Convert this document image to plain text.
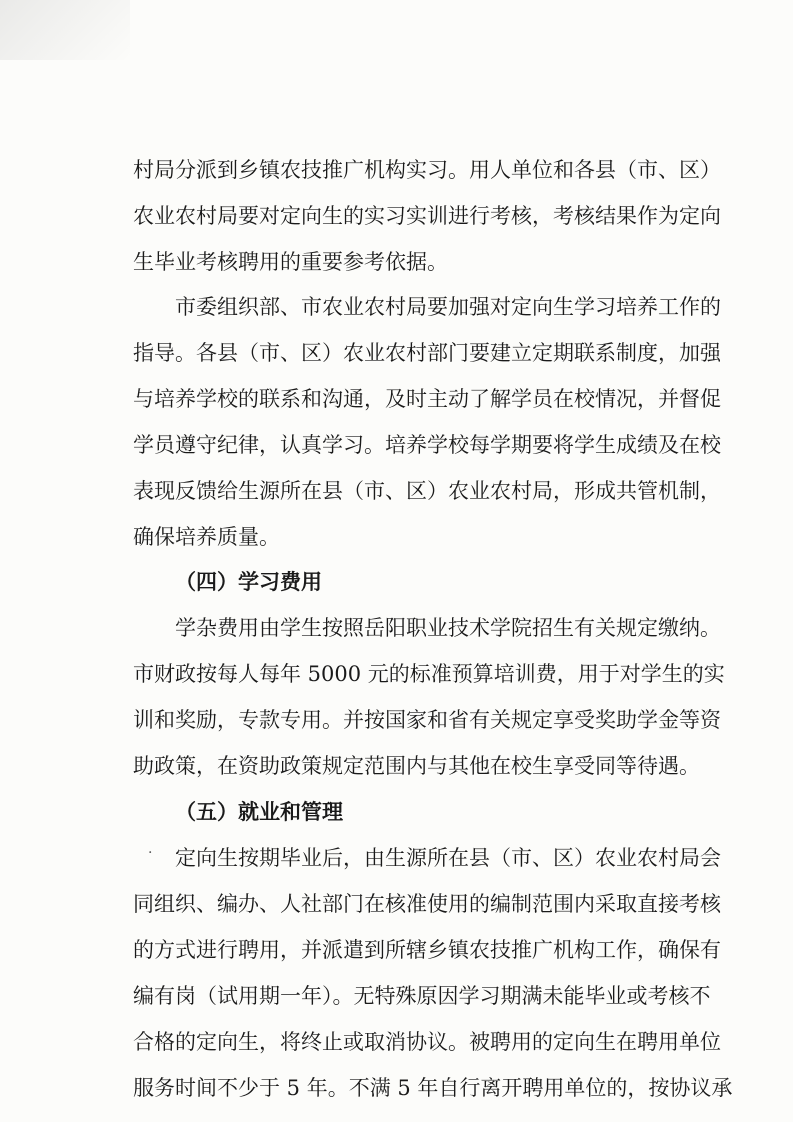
村局分派到乡镇农技推广机构实习。用人单位和各县（市、区）
农业农村局要对定向生的实习实训进行考核，考核结果作为定向
生毕业考核聘用的重要参考依据。
市委组织部、市农业农村局要加强对定向生学习培养工作的
指导。各县（市、区）农业农村部门要建立定期联系制度，加强
与培养学校的联系和沟通，及时主动了解学员在校情况，并督促
学员遵守纪律，认真学习。培养学校每学期要将学生成绩及在校
表现反馈给生源所在县（市、区）农业农村局，形成共管机制，
确保培养质量。
（四）学习费用
学杂费用由学生按照岳阳职业技术学院招生有关规定缴纳。
市财政按每人每年 5000 元的标准预算培训费，用于对学生的实
训和奖励，专款专用。并按国家和省有关规定享受奖助学金等资
助政策，在资助政策规定范围内与其他在校生享受同等待遇。
（五）就业和管理
· 定向生按期毕业后，由生源所在县（市、区）农业农村局会
同组织、编办、人社部门在核准使用的编制范围内采取直接考核
的方式进行聘用，并派遣到所辖乡镇农技推广机构工作，确保有
编有岗（试用期一年）。无特殊原因学习期满未能毕业或考核不
合格的定向生，将终止或取消协议。被聘用的定向生在聘用单位
服务时间不少于 5 年。不满 5 年自行离开聘用单位的，按协议承
